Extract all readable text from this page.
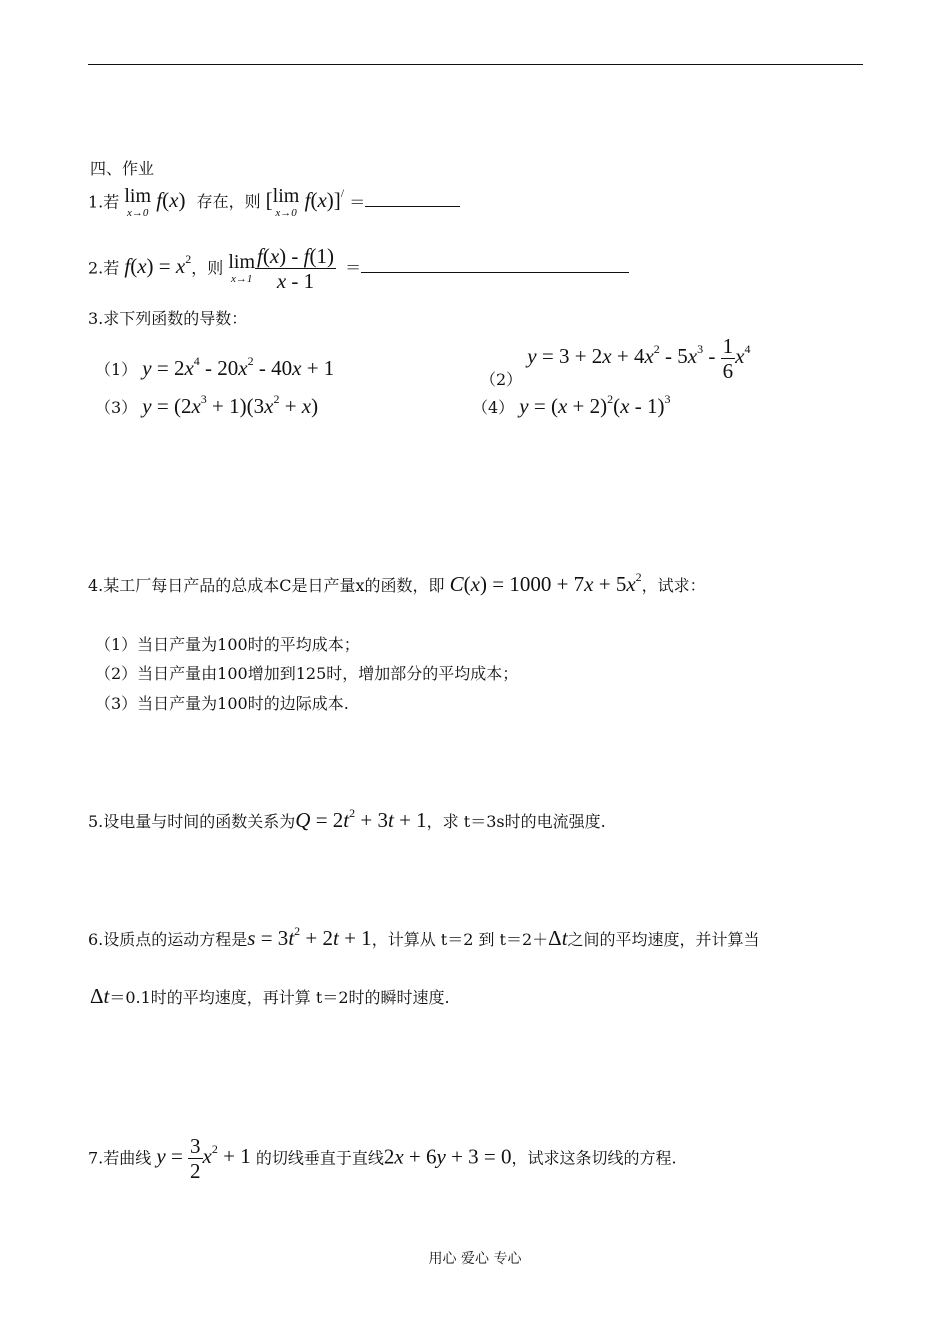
四、作业
1.若 lim
x→0
f(x) 存在，则 [ lim
x→0
f(x)]/ ＝
2.若 $f(x) = x^2$，则 lim
$x\to 1 \frac{f(x) - f(1)}{x - 1}$ ＝
3.求下列函数的导数：
（1） $y = 2x^4 - 20x^2 - 40x + 1$	（2） $y = 3 + 2x + 4x^2 - 5x^3 - \frac{1}{6} x^4$
（3） $y = (2x^3 + 1)(3x^2 + x)$	（4） $y = (x + 2)^2(x - 1)^3$
4.某工厂每日产品的总成本C是日产量x的函数，即 $C(x) = 1000 + 7x + 5x^2$，试求：
（1）当日产量为100时的平均成本；
（2）当日产量由100增加到125时，增加部分的平均成本；
（3）当日产量为100时的边际成本.
5.设电量与时间的函数关系为$Q = 2t^2 + 3t + 1$，求 t＝3s时的电流强度.
6.设质点的运动方程是$s = 3t^2 + 2t + 1$，计算从 t＝2 到 t＝2＋Δt之间的平均速度，并计算当
Δt＝0.1时的平均速度，再计算 t＝2时的瞬时速度.
7.若曲线 $y = \frac{3}{2} x^2 + 1$ 的切线垂直于直线2x + 6y + 3 = 0，试求这条切线的方程.
用心 爱心 专心
